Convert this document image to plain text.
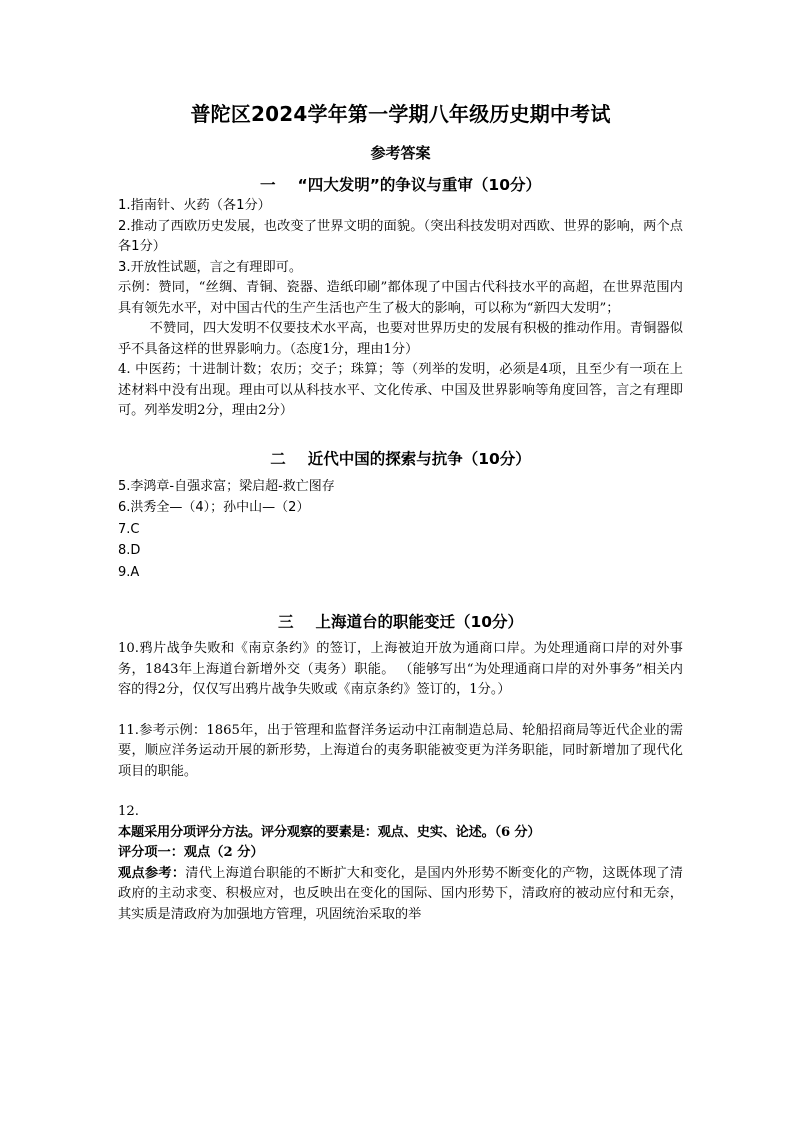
普陀区2024学年第一学期八年级历史期中考试
参考答案
一 “四大发明”的争议与重审（10分）

1.指南针、火药（各1分）

2.推动了西欧历史发展，也改变了世界文明的面貌。（突出科技发明对西欧、世界的影响，两个点各1分）

3.开放性试题，言之有理即可。

示例：赞同，“丝绸、青铜、瓷器、造纸印刷”都体现了中国古代科技水平的高超，在世界范围内具有领先水平，对中国古代的生产生活也产生了极大的影响，可以称为“新四大发明”；

不赞同，四大发明不仅要技术水平高，也要对世界历史的发展有积极的推动作用。青铜器似乎不具备这样的世界影响力。（态度1分，理由1分）

4. 中医药；十进制计数；农历；交子；珠算；等（列举的发明，必须是4项，且至少有一项在上述材料中没有出现。理由可以从科技水平、文化传承、中国及世界影响等角度回答，言之有理即可。列举发明2分，理由2分）

二 近代中国的探索与抗争（10分）

5.李鸿章-自强求富；梁启超-救亡图存

6.洪秀全—（4）；孙中山—（2）

7.C

8.D

9.A

三 上海道台的职能变迁（10分）

10.鸦片战争失败和《南京条约》的签订，上海被迫开放为通商口岸。为处理通商口岸的对外事务，1843年上海道台新增外交（夷务）职能。 （能够写出“为处理通商口岸的对外事务”相关内容的得2分，仅仅写出鸦片战争失败或《南京条约》签订的，1分。）

11.参考示例：1865年，出于管理和监督洋务运动中江南制造总局、轮船招商局等近代企业的需要，顺应洋务运动开展的新形势，上海道台的夷务职能被变更为洋务职能，同时新增加了现代化项目的职能。

12.

本题采用分项评分方法。评分观察的要素是：观点、史实、论述。（6 分）

评分项一：观点（2 分）

观点参考：清代上海道台职能的不断扩大和变化，是国内外形势不断变化的产物，这既体现了清政府的主动求变、积极应对，也反映出在变化的国际、国内形势下，清政府的被动应付和无奈，其实质是清政府为加强地方管理，巩固统治采取的举
